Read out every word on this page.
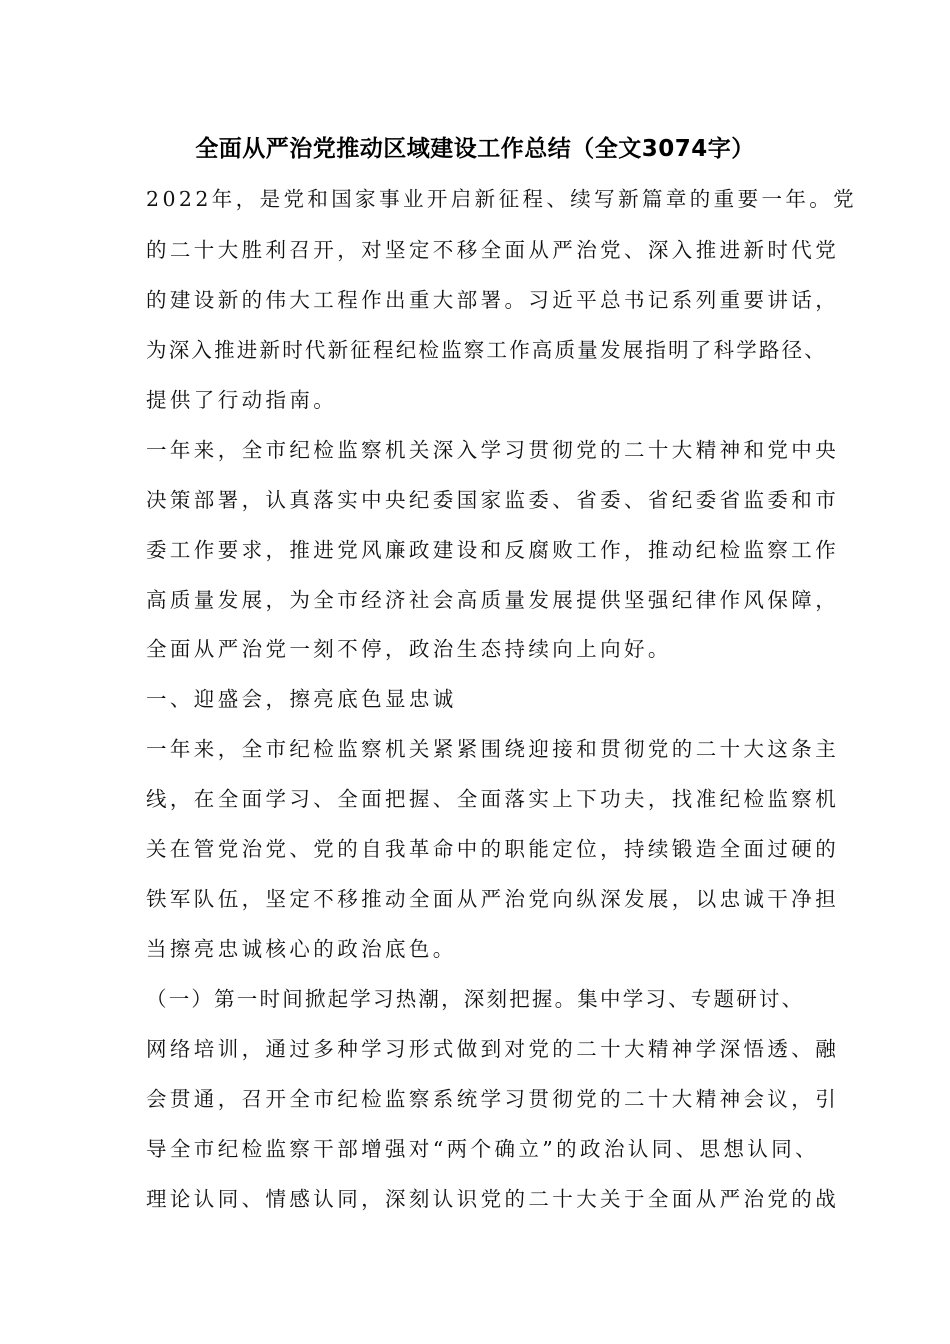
全面从严治党推动区域建设工作总结（全文3074字）

2022年，是党和国家事业开启新征程、续写新篇章的重要一年。党

的二十大胜利召开，对坚定不移全面从严治党、深入推进新时代党

的建设新的伟大工程作出重大部署。习近平总书记系列重要讲话，

为深入推进新时代新征程纪检监察工作高质量发展指明了科学路径、

提供了行动指南。

一年来，全市纪检监察机关深入学习贯彻党的二十大精神和党中央

决策部署，认真落实中央纪委国家监委、省委、省纪委省监委和市

委工作要求，推进党风廉政建设和反腐败工作，推动纪检监察工作

高质量发展，为全市经济社会高质量发展提供坚强纪律作风保障，

全面从严治党一刻不停，政治生态持续向上向好。

一、迎盛会，擦亮底色显忠诚

一年来，全市纪检监察机关紧紧围绕迎接和贯彻党的二十大这条主

线，在全面学习、全面把握、全面落实上下功夫，找准纪检监察机

关在管党治党、党的自我革命中的职能定位，持续锻造全面过硬的

铁军队伍，坚定不移推动全面从严治党向纵深发展，以忠诚干净担

当擦亮忠诚核心的政治底色。

（一）第一时间掀起学习热潮，深刻把握。集中学习、专题研讨、

网络培训，通过多种学习形式做到对党的二十大精神学深悟透、融

会贯通，召开全市纪检监察系统学习贯彻党的二十大精神会议，引

导全市纪检监察干部增强对“两个确立”的政治认同、思想认同、

理论认同、情感认同，深刻认识党的二十大关于全面从严治党的战
